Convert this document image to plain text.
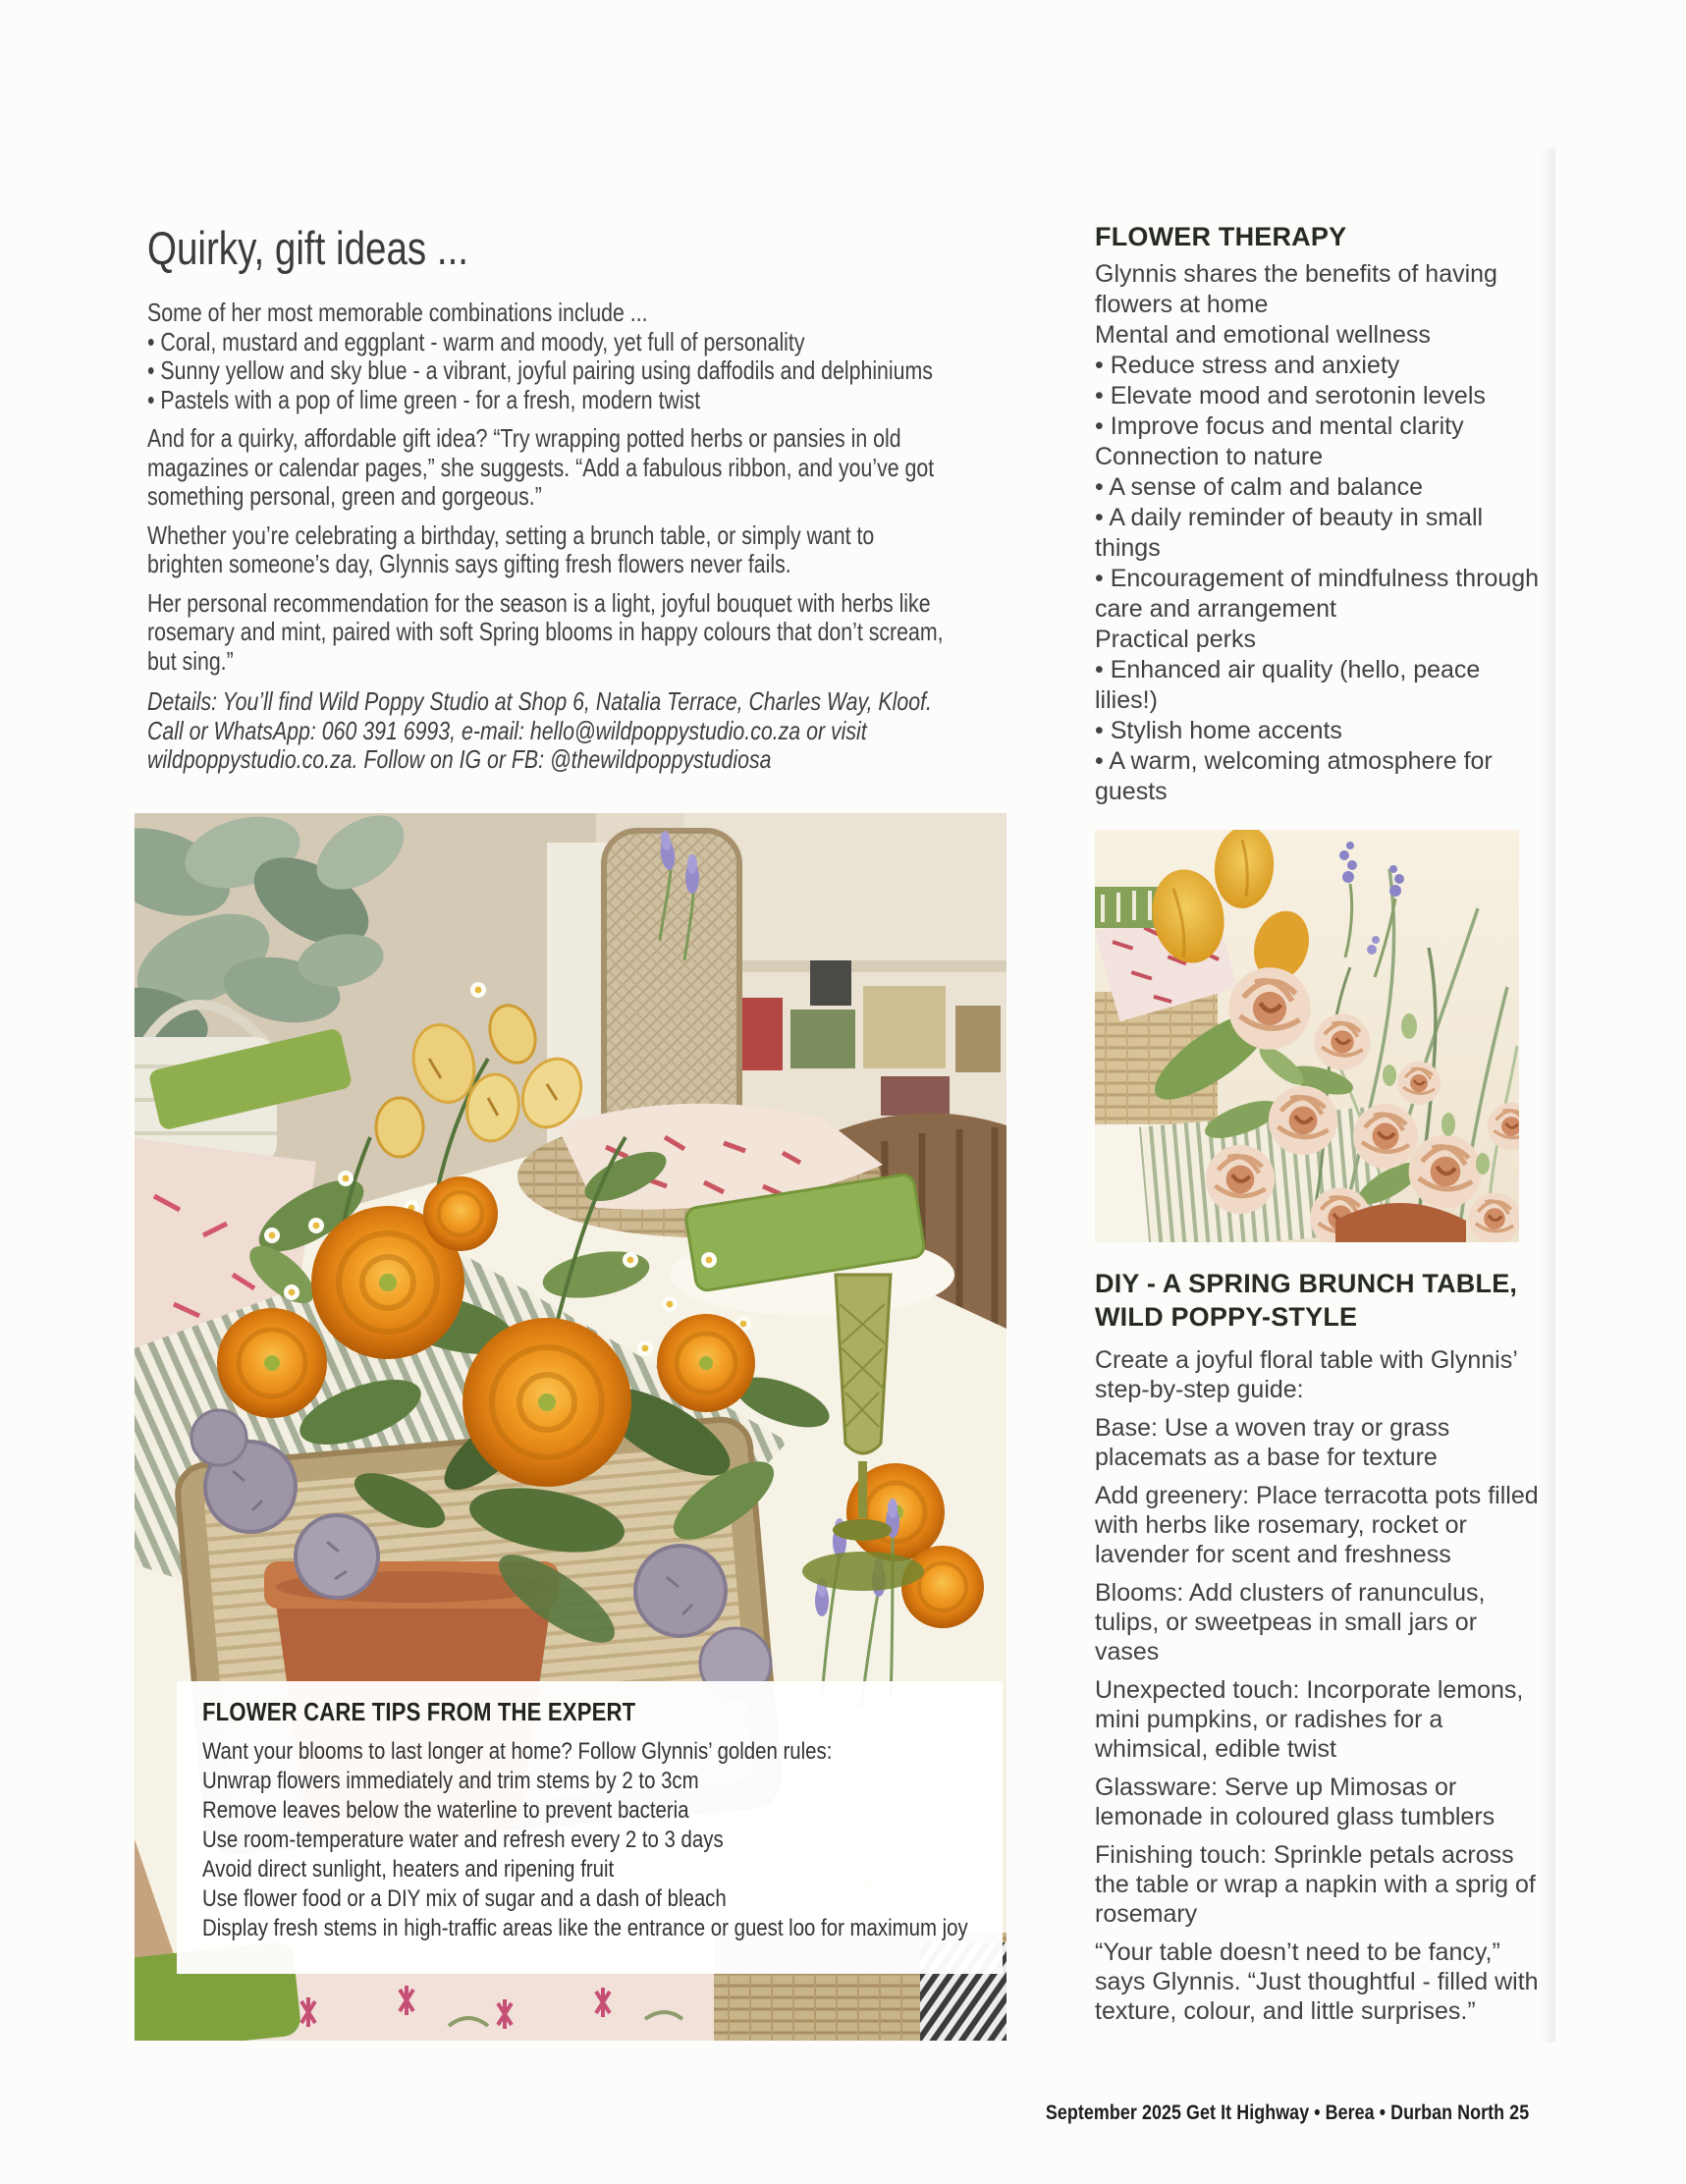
Quirky, gift ideas ...

Some of her most memorable combinations include ...

• Coral, mustard and eggplant - warm and moody, yet full of personality

• Sunny yellow and sky blue - a vibrant, joyful pairing using daffodils and delphiniums

• Pastels with a pop of lime green - for a fresh, modern twist

And for a quirky, affordable gift idea? “Try wrapping potted herbs or pansies in old magazines or calendar pages,” she suggests. “Add a fabulous ribbon, and you’ve got something personal, green and gorgeous.”

Whether you’re celebrating a birthday, setting a brunch table, or simply want to brighten someone’s day, Glynnis says gifting fresh flowers never fails.

Her personal recommendation for the season is a light, joyful bouquet with herbs like rosemary and mint, paired with soft Spring blooms in happy colours that don’t scream, but sing.”

Details: You’ll find Wild Poppy Studio at Shop 6, Natalia Terrace, Charles Way, Kloof. Call or WhatsApp: 060 391 6993, e-mail: hello@wildpoppystudio.co.za or visit wildpoppystudio.co.za. Follow on IG or FB: @thewildpoppystudiosa

FLOWER CARE TIPS FROM THE EXPERT

Want your blooms to last longer at home? Follow Glynnis’ golden rules:

Unwrap flowers immediately and trim stems by 2 to 3cm

Remove leaves below the waterline to prevent bacteria

Use room-temperature water and refresh every 2 to 3 days

Avoid direct sunlight, heaters and ripening fruit

Use flower food or a DIY mix of sugar and a dash of bleach

Display fresh stems in high-traffic areas like the entrance or guest loo for maximum joy

FLOWER THERAPY

Glynnis shares the benefits of having flowers at home

Mental and emotional wellness

• Reduce stress and anxiety

• Elevate mood and serotonin levels

• Improve focus and mental clarity

Connection to nature

• A sense of calm and balance

• A daily reminder of beauty in small things

• Encouragement of mindfulness through care and arrangement

Practical perks

• Enhanced air quality (hello, peace lilies!)

• Stylish home accents

• A warm, welcoming atmosphere for guests

DIY - A SPRING BRUNCH TABLE, WILD POPPY-STYLE

Create a joyful floral table with Glynnis’ step-by-step guide:

Base: Use a woven tray or grass placemats as a base for texture

Add greenery: Place terracotta pots filled with herbs like rosemary, rocket or lavender for scent and freshness

Blooms: Add clusters of ranunculus, tulips, or sweetpeas in small jars or vases

Unexpected touch: Incorporate lemons, mini pumpkins, or radishes for a whimsical, edible twist

Glassware: Serve up Mimosas or lemonade in coloured glass tumblers

Finishing touch: Sprinkle petals across the table or wrap a napkin with a sprig of rosemary

“Your table doesn’t need to be fancy,” says Glynnis. “Just thoughtful - filled with texture, colour, and little surprises.”

September 2025 Get It Highway • Berea • Durban North 25
